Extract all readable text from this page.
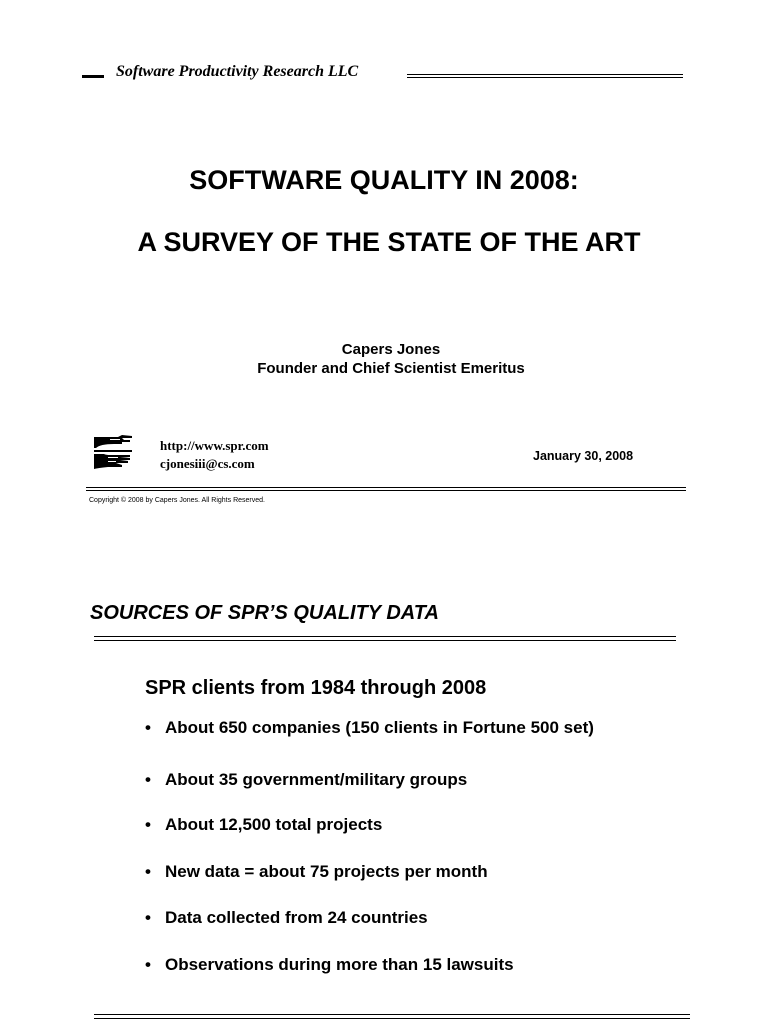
Software Productivity Research LLC
SOFTWARE QUALITY IN 2008:
A SURVEY OF THE STATE OF THE ART
Capers Jones
Founder and Chief Scientist Emeritus
http://www.spr.com
cjonesiii@cs.com	January 30, 2008
Copyright © 2008 by Capers Jones. All Rights Reserved.
SOURCES OF SPR’S QUALITY DATA
SPR clients from 1984 through 2008
• About 650 companies (150 clients in Fortune 500 set)
• About 35 government/military groups
• About 12,500 total projects
• New data = about 75 projects per month
• Data collected from 24 countries
• Observations during more than 15 lawsuits
